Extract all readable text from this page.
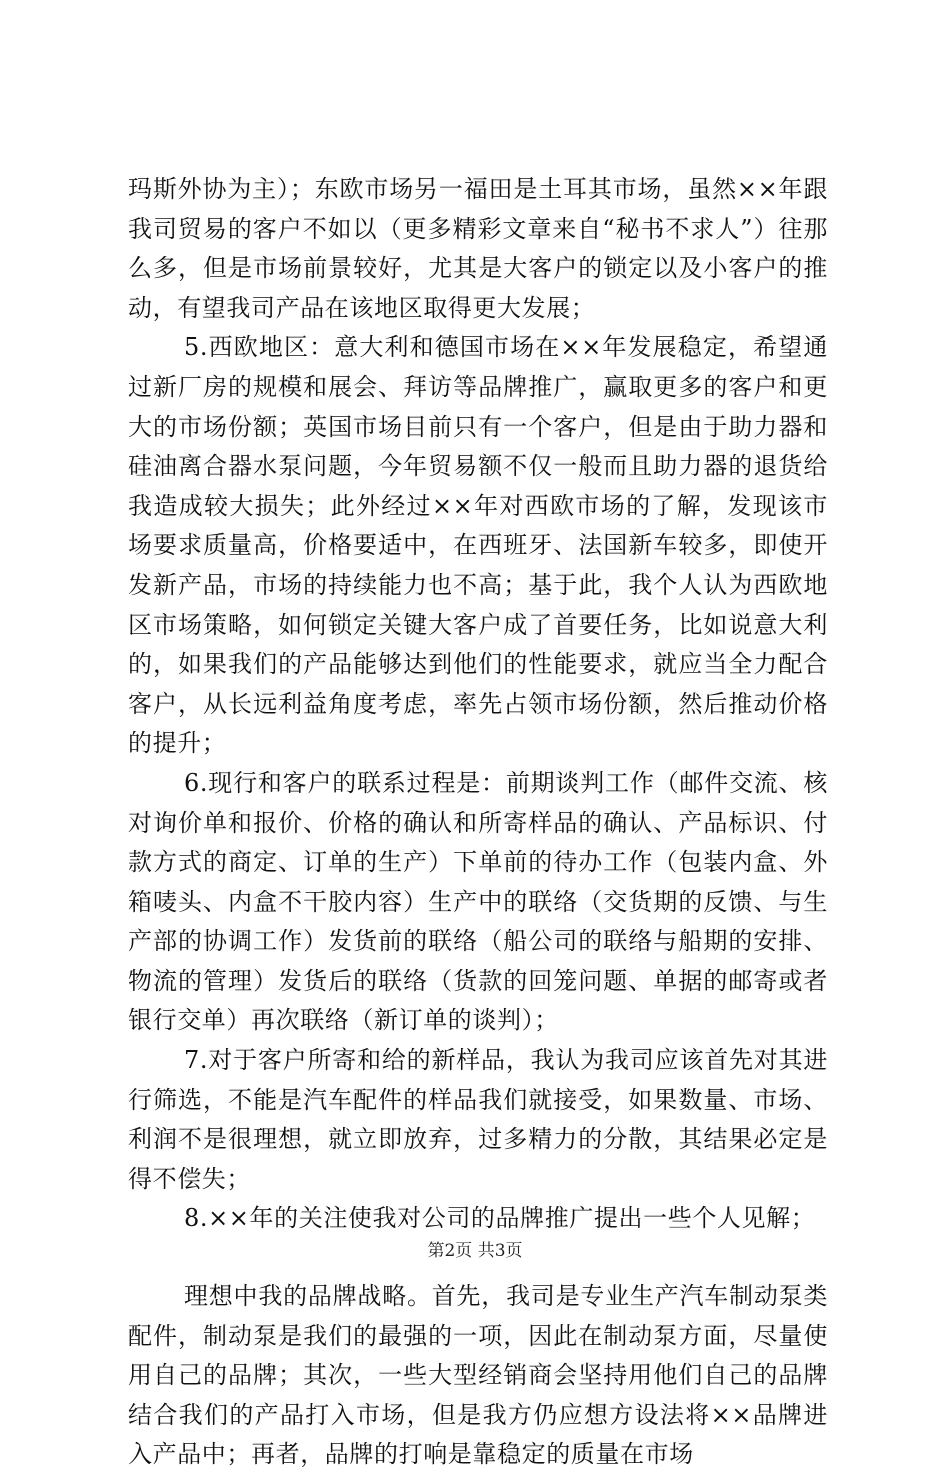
玛斯外协为主）；东欧市场另一福田是土耳其市场，虽然××年跟我司贸易的客户不如以（更多精彩文章来自“秘书不求人”）往那么多，但是市场前景较好，尤其是大客户的锁定以及小客户的推动，有望我司产品在该地区取得更大发展；

5.西欧地区：意大利和德国市场在××年发展稳定，希望通过新厂房的规模和展会、拜访等品牌推广，赢取更多的客户和更大的市场份额；英国市场目前只有一个客户，但是由于助力器和硅油离合器水泵问题，今年贸易额不仅一般而且助力器的退货给我造成较大损失；此外经过××年对西欧市场的了解，发现该市场要求质量高，价格要适中，在西班牙、法国新车较多，即使开发新产品，市场的持续能力也不高；基于此，我个人认为西欧地区市场策略，如何锁定关键大客户成了首要任务，比如说意大利的，如果我们的产品能够达到他们的性能要求，就应当全力配合客户，从长远利益角度考虑，率先占领市场份额，然后推动价格的提升；

6.现行和客户的联系过程是：前期谈判工作（邮件交流、核对询价单和报价、价格的确认和所寄样品的确认、产品标识、付款方式的商定、订单的生产）下单前的待办工作（包装内盒、外箱唛头、内盒不干胶内容）生产中的联络（交货期的反馈、与生产部的协调工作）发货前的联络（船公司的联络与船期的安排、物流的管理）发货后的联络（货款的回笼问题、单据的邮寄或者银行交单）再次联络（新订单的谈判）；

7.对于客户所寄和给的新样品，我认为我司应该首先对其进行筛选，不能是汽车配件的样品我们就接受，如果数量、市场、利润不是很理想，就立即放弃，过多精力的分散，其结果必定是得不偿失；

8.××年的关注使我对公司的品牌推广提出一些个人见解；

理想中我的品牌战略。首先，我司是专业生产汽车制动泵类配件，制动泵是我们的最强的一项，因此在制动泵方面，尽量使用自己的品牌；其次，一些大型经销商会坚持用他们自己的品牌结合我们的产品打入市场，但是我方仍应想方设法将××品牌进入产品中；再者，品牌的打响是靠稳定的质量在市场

第2页 共3页
